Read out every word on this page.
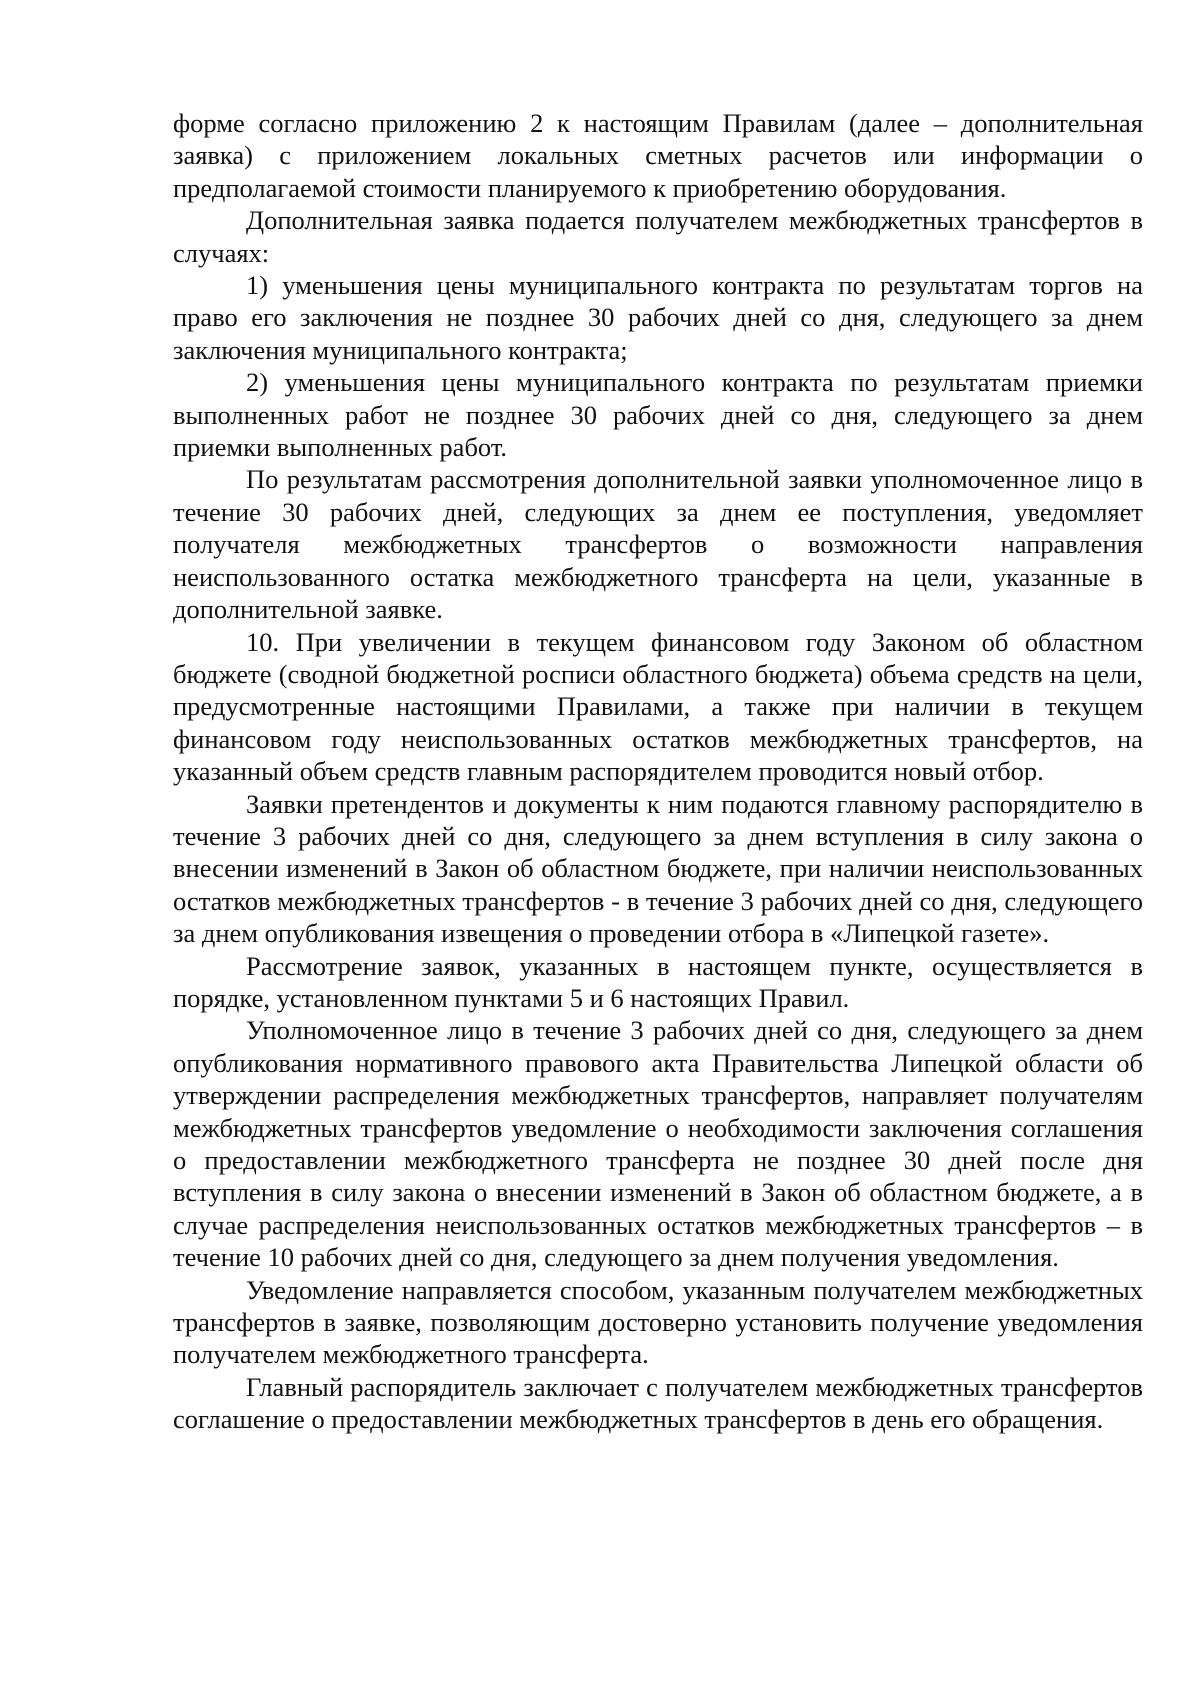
форме согласно приложению 2 к настоящим Правилам (далее – дополнительная заявка) с приложением локальных сметных расчетов или информации о предполагаемой стоимости планируемого к приобретению оборудования.

Дополнительная заявка подается получателем межбюджетных трансфертов в случаях:

1) уменьшения цены муниципального контракта по результатам торгов на право его заключения не позднее 30 рабочих дней со дня, следующего за днем заключения муниципального контракта;

2) уменьшения цены муниципального контракта по результатам приемки выполненных работ не позднее 30 рабочих дней со дня, следующего за днем приемки выполненных работ.

По результатам рассмотрения дополнительной заявки уполномоченное лицо в течение 30 рабочих дней, следующих за днем ее поступления, уведомляет получателя межбюджетных трансфертов о возможности направления неиспользованного остатка межбюджетного трансферта на цели, указанные в дополнительной заявке.

10. При увеличении в текущем финансовом году Законом об областном бюджете (сводной бюджетной росписи областного бюджета) объема средств на цели, предусмотренные настоящими Правилами, а также при наличии в текущем финансовом году неиспользованных остатков межбюджетных трансфертов, на указанный объем средств главным распорядителем проводится новый отбор.

Заявки претендентов и документы к ним подаются главному распорядителю в течение 3 рабочих дней со дня, следующего за днем вступления в силу закона о внесении изменений в Закон об областном бюджете, при наличии неиспользованных остатков межбюджетных трансфертов - в течение 3 рабочих дней со дня, следующего за днем опубликования извещения о проведении отбора в «Липецкой газете».

Рассмотрение заявок, указанных в настоящем пункте, осуществляется в порядке, установленном пунктами 5 и 6 настоящих Правил.

Уполномоченное лицо в течение 3 рабочих дней со дня, следующего за днем опубликования нормативного правового акта Правительства Липецкой области об утверждении распределения межбюджетных трансфертов, направляет получателям межбюджетных трансфертов уведомление о необходимости заключения соглашения о предоставлении межбюджетного трансферта не позднее 30 дней после дня вступления в силу закона о внесении изменений в Закон об областном бюджете, а в случае распределения неиспользованных остатков межбюджетных трансфертов – в течение 10 рабочих дней со дня, следующего за днем получения уведомления.

Уведомление направляется способом, указанным получателем межбюджетных трансфертов в заявке, позволяющим достоверно установить получение уведомления получателем межбюджетного трансферта.

Главный распорядитель заключает с получателем межбюджетных трансфертов соглашение о предоставлении межбюджетных трансфертов в день его обращения.
